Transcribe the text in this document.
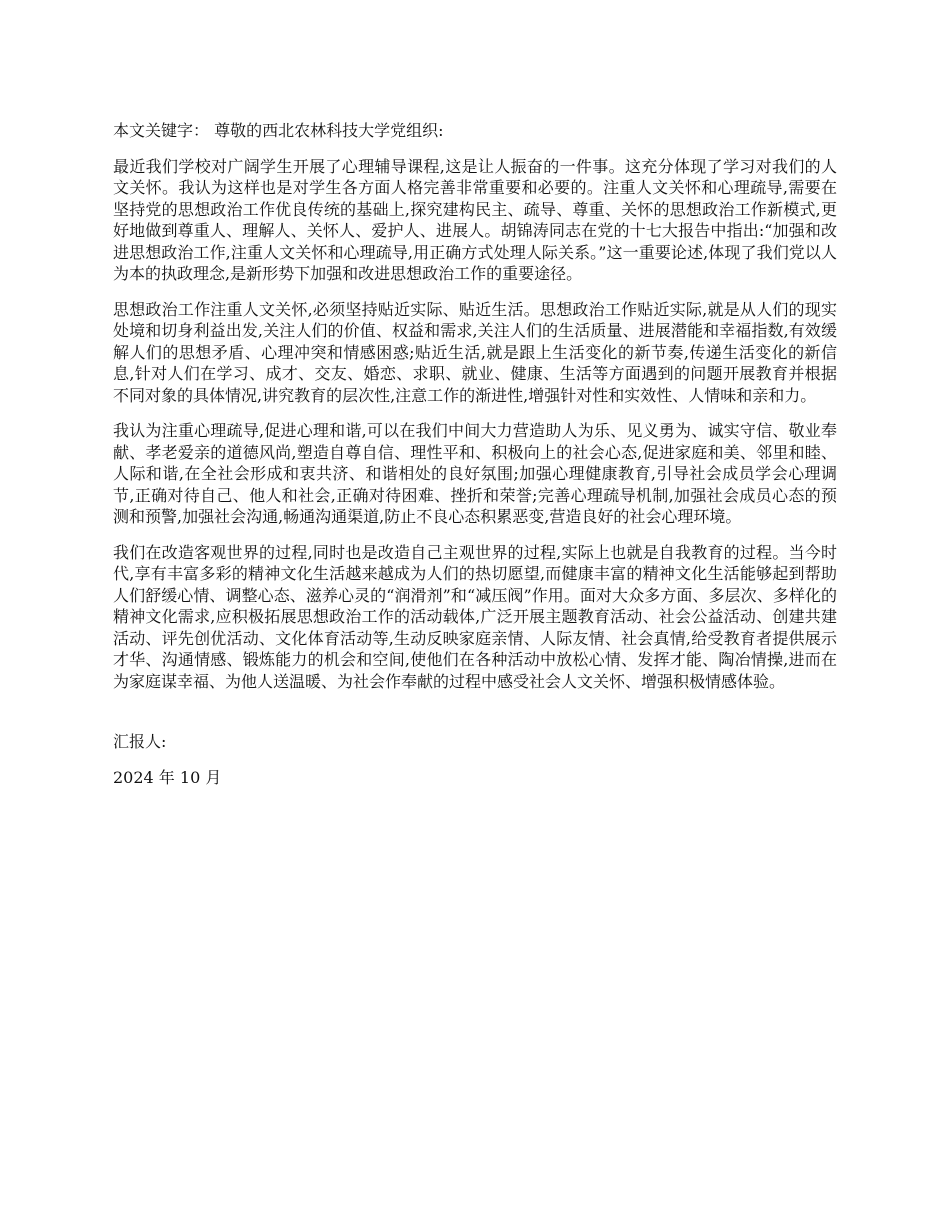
本文关键字： 尊敬的西北农林科技大学党组织:

最近我们学校对广阔学生开展了心理辅导课程,这是让人振奋的一件事。这充分体现了学习对我们的人文关怀。我认为这样也是对学生各方面人格完善非常重要和必要的。注重人文关怀和心理疏导,需要在坚持党的思想政治工作优良传统的基础上,探究建构民主、疏导、尊重、关怀的思想政治工作新模式,更好地做到尊重人、理解人、关怀人、爱护人、进展人。胡锦涛同志在党的十七大报告中指出:“加强和改进思想政治工作,注重人文关怀和心理疏导,用正确方式处理人际关系。”这一重要论述,体现了我们党以人为本的执政理念,是新形势下加强和改进思想政治工作的重要途径。

思想政治工作注重人文关怀,必须坚持贴近实际、贴近生活。思想政治工作贴近实际,就是从人们的现实处境和切身利益出发,关注人们的价值、权益和需求,关注人们的生活质量、进展潜能和幸福指数,有效缓解人们的思想矛盾、心理冲突和情感困惑;贴近生活,就是跟上生活变化的新节奏,传递生活变化的新信息,针对人们在学习、成才、交友、婚恋、求职、就业、健康、生活等方面遇到的问题开展教育并根据不同对象的具体情况,讲究教育的层次性,注意工作的渐进性,增强针对性和实效性、人情味和亲和力。

我认为注重心理疏导,促进心理和谐,可以在我们中间大力营造助人为乐、见义勇为、诚实守信、敬业奉献、孝老爱亲的道德风尚,塑造自尊自信、理性平和、积极向上的社会心态,促进家庭和美、邻里和睦、人际和谐,在全社会形成和衷共济、和谐相处的良好氛围;加强心理健康教育,引导社会成员学会心理调节,正确对待自己、他人和社会,正确对待困难、挫折和荣誉;完善心理疏导机制,加强社会成员心态的预测和预警,加强社会沟通,畅通沟通渠道,防止不良心态积累恶变,营造良好的社会心理环境。

我们在改造客观世界的过程,同时也是改造自己主观世界的过程,实际上也就是自我教育的过程。当今时代,享有丰富多彩的精神文化生活越来越成为人们的热切愿望,而健康丰富的精神文化生活能够起到帮助人们舒缓心情、调整心态、滋养心灵的“润滑剂”和“减压阀”作用。面对大众多方面、多层次、多样化的精神文化需求,应积极拓展思想政治工作的活动载体,广泛开展主题教育活动、社会公益活动、创建共建活动、评先创优活动、文化体育活动等,生动反映家庭亲情、人际友情、社会真情,给受教育者提供展示才华、沟通情感、锻炼能力的机会和空间,使他们在各种活动中放松心情、发挥才能、陶冶情操,进而在为家庭谋幸福、为他人送温暖、为社会作奉献的过程中感受社会人文关怀、增强积极情感体验。

汇报人:

2024 年 10 月
